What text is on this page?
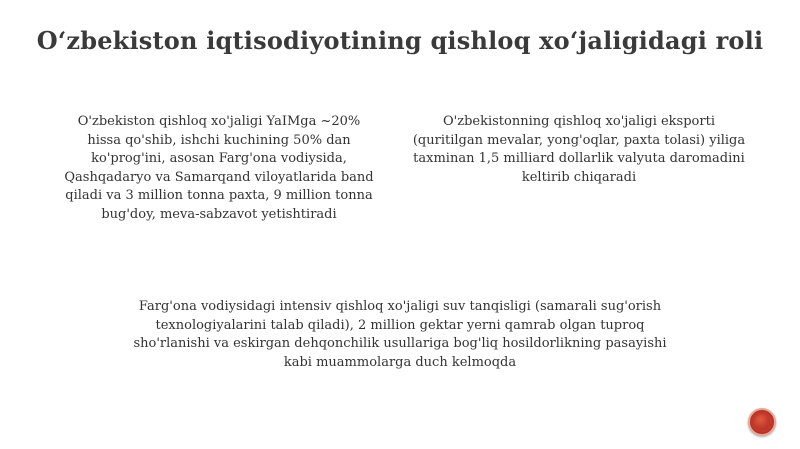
O‘zbekiston iqtisodiyotining qishloq xo‘jaligidagi roli
O'zbekiston qishloq xo'jaligi YaIMga ~20% hissa qo'shib, ishchi kuchining 50% dan ko'prog'ini, asosan Farg'ona vodiysida, Qashqadaryo va Samarqand viloyatlarida band qiladi va 3 million tonna paxta, 9 million tonna bug'doy, meva-sabzavot yetishtiradi
O'zbekistonning qishloq xo'jaligi eksporti (quritilgan mevalar, yong'oqlar, paxta tolasi) yiliga taxminan 1,5 milliard dollarlik valyuta daromadini keltirib chiqaradi
Farg'ona vodiysidagi intensiv qishloq xo'jaligi suv tanqisligi (samarali sug'orish texnologiyalarini talab qiladi), 2 million gektar yerni qamrab olgan tuproq sho'rlanishi va eskirgan dehqonchilik usullariga bog'liq hosildorlikning pasayishi kabi muammolarga duch kelmoqda
